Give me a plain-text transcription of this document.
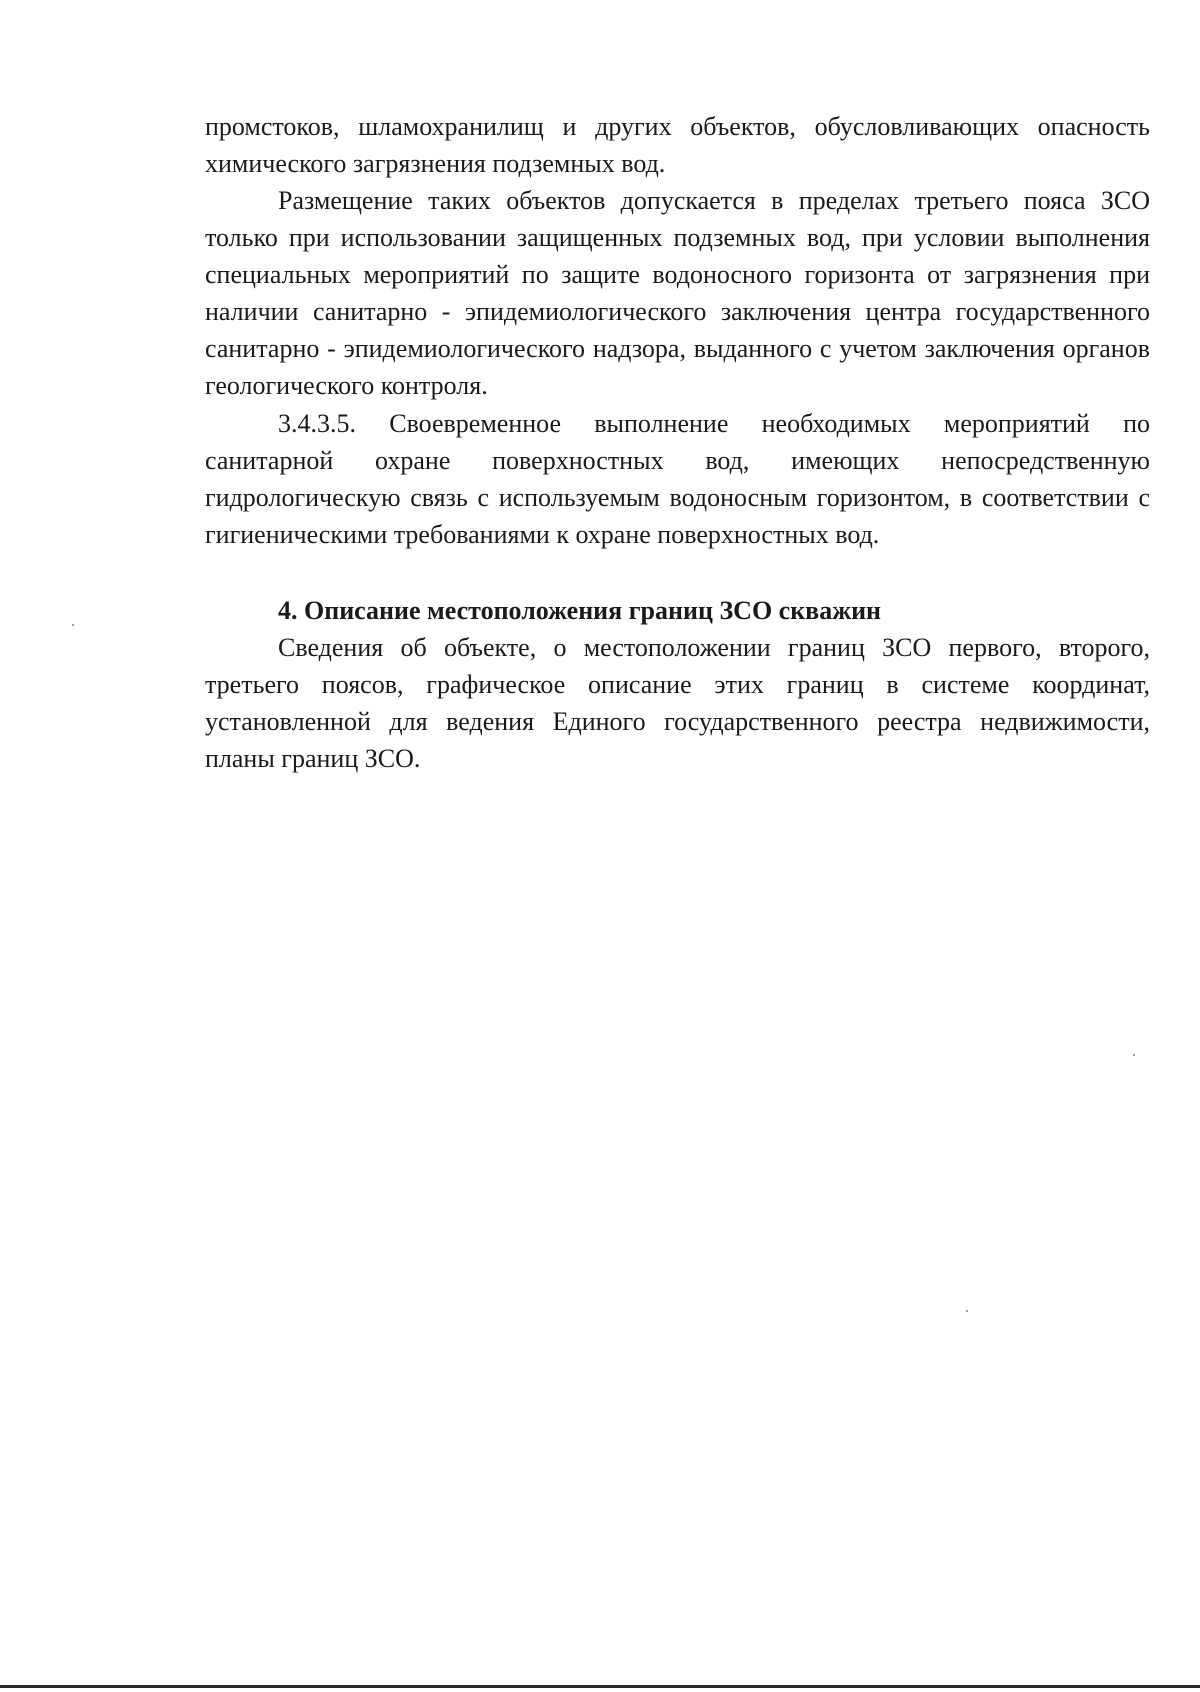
промстоков, шламохранилищ и других объектов, обусловливающих опасность химического загрязнения подземных вод.

Размещение таких объектов допускается в пределах третьего пояса ЗСО только при использовании защищенных подземных вод, при условии выполнения специальных мероприятий по защите водоносного горизонта от загрязнения при наличии санитарно - эпидемиологического заключения центра государственного санитарно - эпидемиологического надзора, выданного с учетом заключения органов геологического контроля.

3.4.3.5. Своевременное выполнение необходимых мероприятий по санитарной охране поверхностных вод, имеющих непосредственную гидрологическую связь с используемым водоносным горизонтом, в соответствии с гигиеническими требованиями к охране поверхностных вод.

4. Описание местоположения границ ЗСО скважин

Сведения об объекте, о местоположении границ ЗСО первого, второго, третьего поясов, графическое описание этих границ в системе координат, установленной для ведения Единого государственного реестра недвижимости, планы границ ЗСО.
